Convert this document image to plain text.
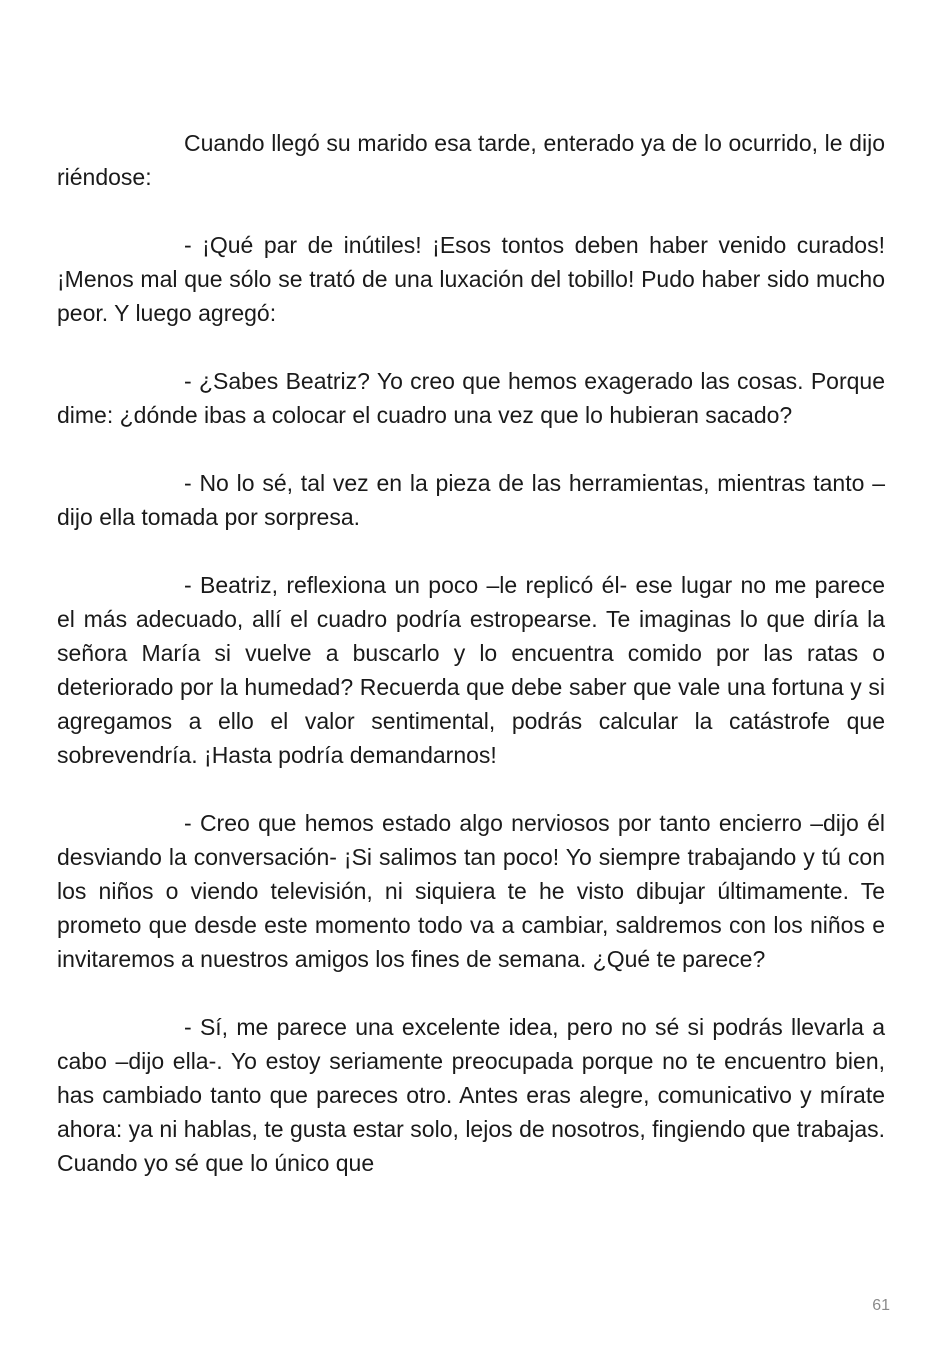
Cuando llegó su marido esa tarde, enterado ya de lo ocurrido, le dijo riéndose:

- ¡Qué par de inútiles! ¡Esos tontos deben haber venido curados! ¡Menos mal que sólo se trató de una luxación del tobillo! Pudo haber sido mucho peor. Y luego agregó:

- ¿Sabes Beatriz? Yo creo que hemos exagerado las cosas. Porque dime: ¿dónde ibas a colocar el cuadro una vez que lo hubieran sacado?

- No lo sé, tal vez en la pieza de las herramientas, mientras tanto –dijo ella tomada por sorpresa.

- Beatriz, reflexiona un poco –le replicó él- ese lugar no me parece el más adecuado, allí el cuadro podría estropearse. Te imaginas lo que diría la señora María si vuelve a buscarlo y lo encuentra comido por las ratas o deteriorado por la humedad? Recuerda que debe saber que vale una fortuna y si agregamos a ello el valor sentimental, podrás calcular la catástrofe que sobrevendría. ¡Hasta podría demandarnos!

- Creo que hemos estado algo nerviosos por tanto encierro –dijo él desviando la conversación- ¡Si salimos tan poco! Yo siempre trabajando y tú con los niños o viendo televisión, ni siquiera te he visto dibujar últimamente. Te prometo que desde este momento todo va a cambiar, saldremos con los niños e invitaremos a nuestros amigos los fines de semana. ¿Qué te parece?

- Sí, me parece una excelente idea, pero no sé si podrás llevarla a cabo –dijo ella-. Yo estoy seriamente preocupada porque no te encuentro bien, has cambiado tanto que pareces otro. Antes eras alegre, comunicativo y mírate ahora: ya ni hablas, te gusta estar solo, lejos de nosotros, fingiendo que trabajas. Cuando yo sé que lo único que

61
